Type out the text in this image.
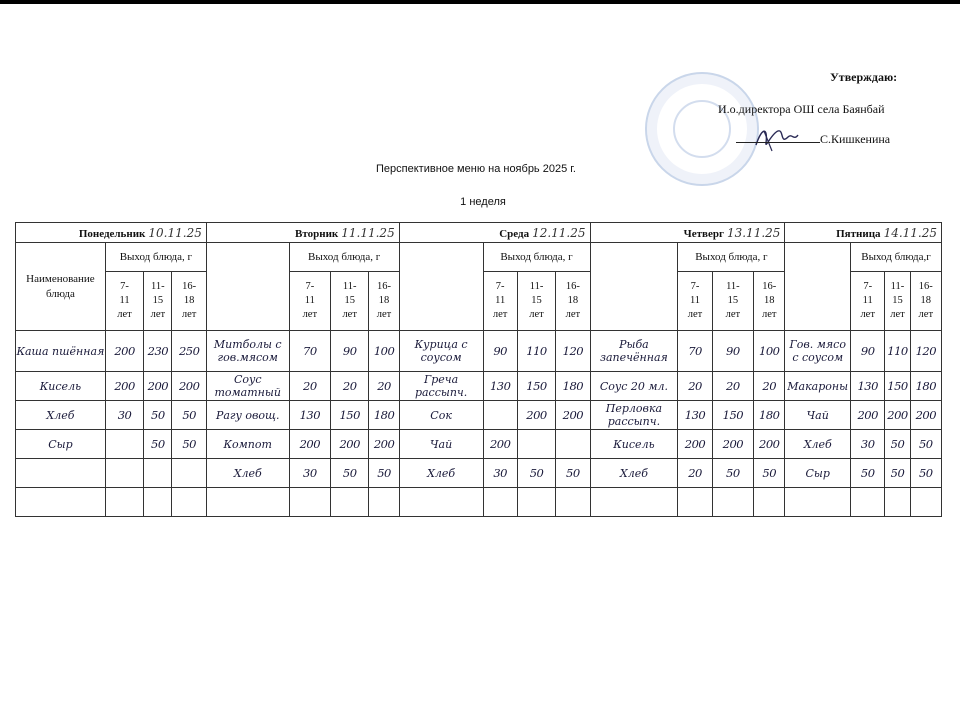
Утверждаю:
И.о.директора ОШ села Баянбай
С.Кишкенина
Перспективное меню на ноябрь 2025 г.
1 неделя
Понедельник 10.11.25				Вторник 11.11.25				Среда 12.11.25				Четверг 13.11.25				Пятница 14.11.25			
Наименование блюда	Выход блюда, г				Выход блюда, г				Выход блюда, г				Выход блюда, г				Выход блюда,г		
	7-
11
лет	11-
15
лет	16-
18
лет		7-
11
лет	11-
15
лет	16-
18
лет		7-
11
лет	11-
15
лет	16-
18
лет		7-
11
лет	11-
15
лет	16-
18
лет		7-
11
лет	11-
15
лет	16-
18
лет
Каша пшённая	200	230	250	Митболы с гов.мясом	70	90	100	Курица с соусом	90	110	120	Рыба запечённая	70	90	100	Гов. мясо с соусом	90	110	120
Кисель	200	200	200	Соус томатный	20	20	20	Греча рассыпч.	130	150	180	Соус 20 мл.	20	20	20	Макароны	130	150	180
Хлеб	30	50	50	Рагу овощ.	130	150	180	Сок		200	200	Перловка рассыпч.	130	150	180	Чай	200	200	200
Сыр		50	50	Компот	200	200	200	Чай	200			Кисель	200	200	200	Хлеб	30	50	50
				Хлеб	30	50	50	Хлеб	30	50	50	Хлеб	20	50	50	Сыр	50	50	50
